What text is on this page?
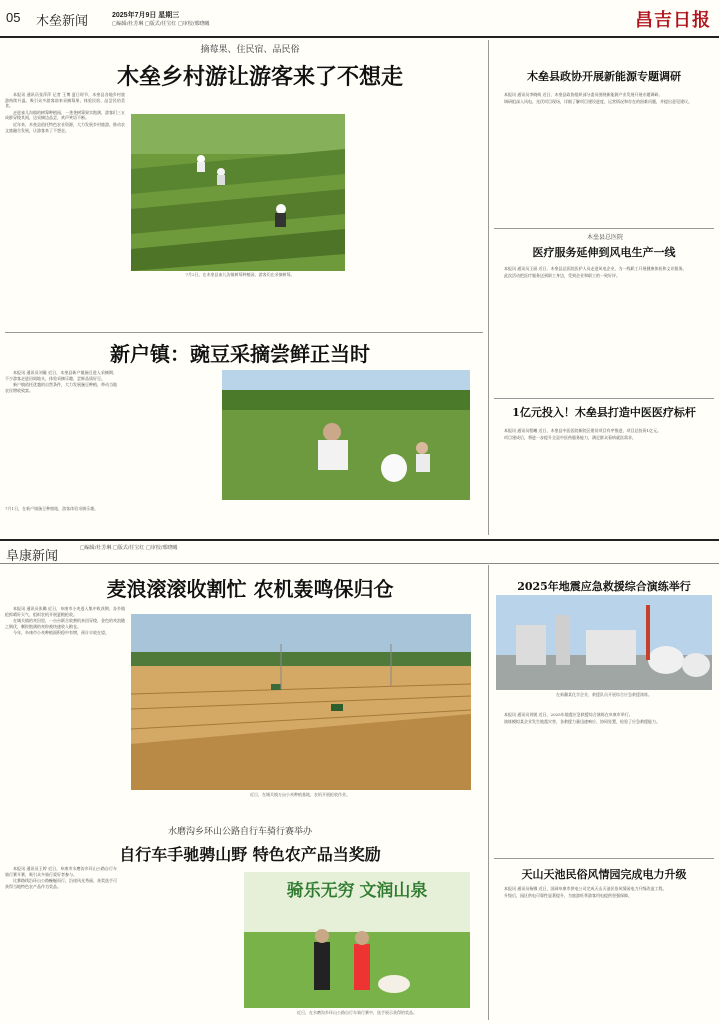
05 木垒新闻	2025年7月9日 星期三
□编辑/杜芳琳 □版式/任宝红 □审校/邢晓曦	昌吉日报
摘莓果、住民宿、品民俗
木垒乡村游让游客来了不想走

本报讯 通讯员张萍萍 记者 王博 夏日时节，木垒县各地乡村旅游持续升温，吸引众多游客前来采摘莓果、体验民宿、品尝民俗美食。

走进雀儿沟镇的树莓种植园，一垄垄树莓果实饱满，游客们三五成群穿梭其间，边采摘边品尝，欢声笑语不断。

近年来，木垒县依托特色农业资源，大力发展乡村旅游，推动农文旅融合发展，让游客来了不想走。

7月2日，在木垒县雀儿沟镇树莓种植园，游客们在采摘树莓。
新户镇：豌豆采摘尝鲜正当时

本报讯 通讯员刘璇 近日，木垒县新户镇豌豆进入采摘期，不少游客走进田间地头，体验采摘乐趣，尝鲜品质好豆。

新户镇依托优越的自然条件，大力发展豌豆种植，带动当地农民增收致富。

7月1日，在新户镇豌豆种植地，游客体验采摘乐趣。
木垒县政协开展新能源专题调研

本报讯 通讯员李晓萌 近日，木垒县政协组织部分委员围绕新能源产业发展开展专题调研。

调研组深入风电、光伏项目现场，详细了解项目建设进度、运营情况和存在的困难问题，并提出意见建议。

木垒县总医院
医疗服务延伸到风电生产一线

本报讯 通讯员王丽 近日，木垒县总医院医护人员走进风电企业，为一线职工开展健康体检和义诊服务。

此次活动把医疗服务送到职工身边，受到企业和职工的一致好评。

1亿元投入！木垒县打造中医医疗标杆

本报讯 通讯员程曦 近日，木垒县中医医院新院区建设项目有序推进，项目总投资1亿元。

项目建成后，将进一步提升全县中医药服务能力，满足群众看病就医需求。

阜康新闻	□编辑/杜芳琳 □版式/任宝红 □审校/邢晓曦
麦浪滚滚收割忙 农机轰鸣保归仓

本报讯 通讯员张璐 近日，阜康市小麦进入集中收获期，各乡镇抢抓晴好天气，组织农机开展夏粮抢收。

在城关镇的麦田里，一台台联合收割机来回穿梭，金色的麦浪随之倒伏，颗粒饱满的麦粒被快速收入粮仓。

今年，阜康市小麦种植面积稳中有增，预计丰收在望。

近日，在城关镇万亩小麦种植基地，农机开展抢收作业。
2025年地震应急救援综合演练举行
在新疆某化学企业，救援队员开展综合应急救援演练。

本报讯 通讯员刘媛 近日，2025年地震应急救援综合演练在阜康市举行。

演练模拟某企业发生地震灾害，各救援力量迅速响应、协同处置，检验了应急救援能力。

水磨沟乡环山公路自行车骑行赛举办
自行车手驰骋山野 特色农产品当奖励

本报讯 通讯员王婷 近日，阜康市水磨沟乡环山公路自行车骑行赛开赛，吸引众多骑行爱好者参与。

比赛路线沿环山公路蜿蜒而行，沿途风光秀丽，获奖选手可获得当地特色农产品作为奖品。	骑乐无穷 文润山泉
近日，在水磨沟乡环山公路自行车骑行赛中，选手展示获得的奖品。
天山天池民俗风情园完成电力升级

本报讯 通讯员杨娜 近日，国网阜康市供电公司完成天山天池民俗风情园电力升级改造工程。

升级后，园区供电可靠性显著提升，为旅游旺季游客用电提供坚强保障。
